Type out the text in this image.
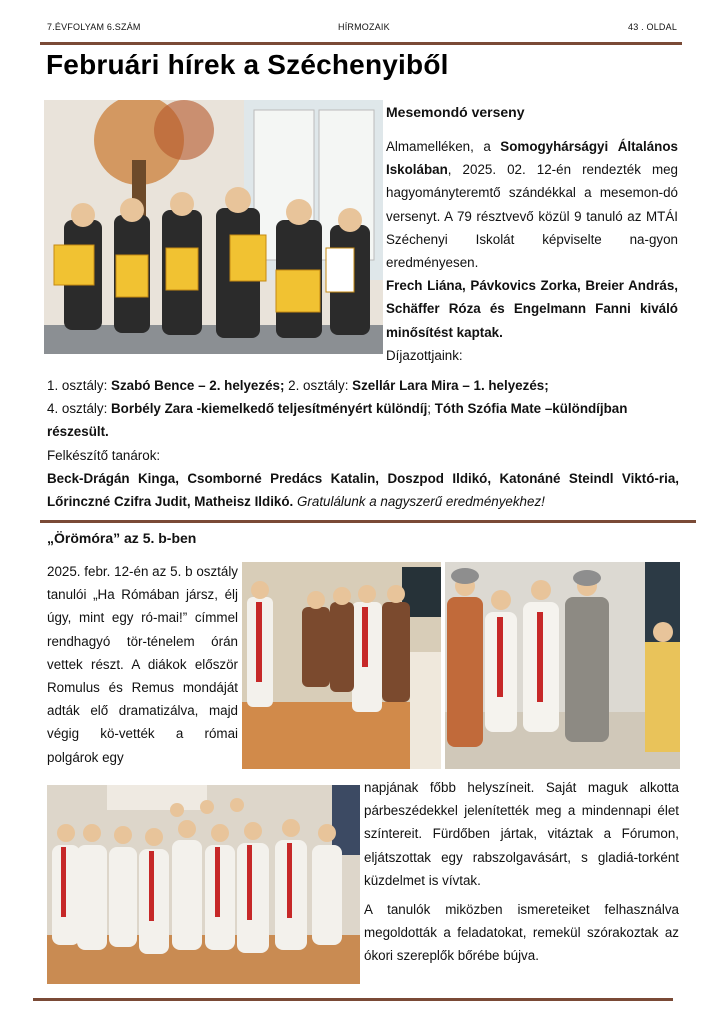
7.ÉVFOLYAM 6.SZÁM	HÍRMOZAIK	43 . OLDAL
Februári hírek a Széchenyiből
Mesemondó verseny

Almamelléken, a Somogyhárságyi Általános Iskolában, 2025. 02. 12-én rendezték meg hagyományteremtő szándékkal a mesemon-dó versenyt. A 79 résztvevő közül 9 tanuló az MTÁI Széchenyi Iskolát képviselte na-gyon eredményesen.

Frech Liána, Pávkovics Zorka, Breier András, Schäffer Róza és Engelmann Fanni kiváló minősítést kaptak.

Díjazottjaink:

1. osztály: Szabó Bence – 2. helyezés; 2. osztály: Szellár Lara Mira – 1. helyezés;

4. osztály: Borbély Zara -kiemelkedő teljesítményért különdíj; Tóth Szófia Mate –különdíjban részesült.

Felkészítő tanárok:

Beck-Drágán Kinga, Csomborné Predács Katalin, Doszpod Ildikó, Katonáné Steindl Viktó-ria, Lőrinczné Czifra Judit, Matheisz Ildikó. Gratulálunk a nagyszerű eredményekhez!

„Örömóra” az 5. b-ben

2025. febr. 12-én az 5. b osztály tanulói „Ha Rómában jársz, élj úgy, mint egy ró-mai!” címmel rendhagyó tör-ténelem órán vettek részt. A diákok először Romulus és Remus mondáját adták elő dramatizálva, majd végig kö-vették a római polgárok egy

napjának főbb helyszíneit. Saját maguk alkotta párbeszédekkel jelenítették meg a mindennapi élet színtereit. Fürdőben jártak, vitáztak a Fórumon, eljátszottak egy rabszolgavásárt, s gladiá-torként küzdelmet is vívtak.

A tanulók miközben ismereteiket felhasználva megoldották a feladatokat, remekül szórakoztak az ókori szereplők bőrébe bújva.
